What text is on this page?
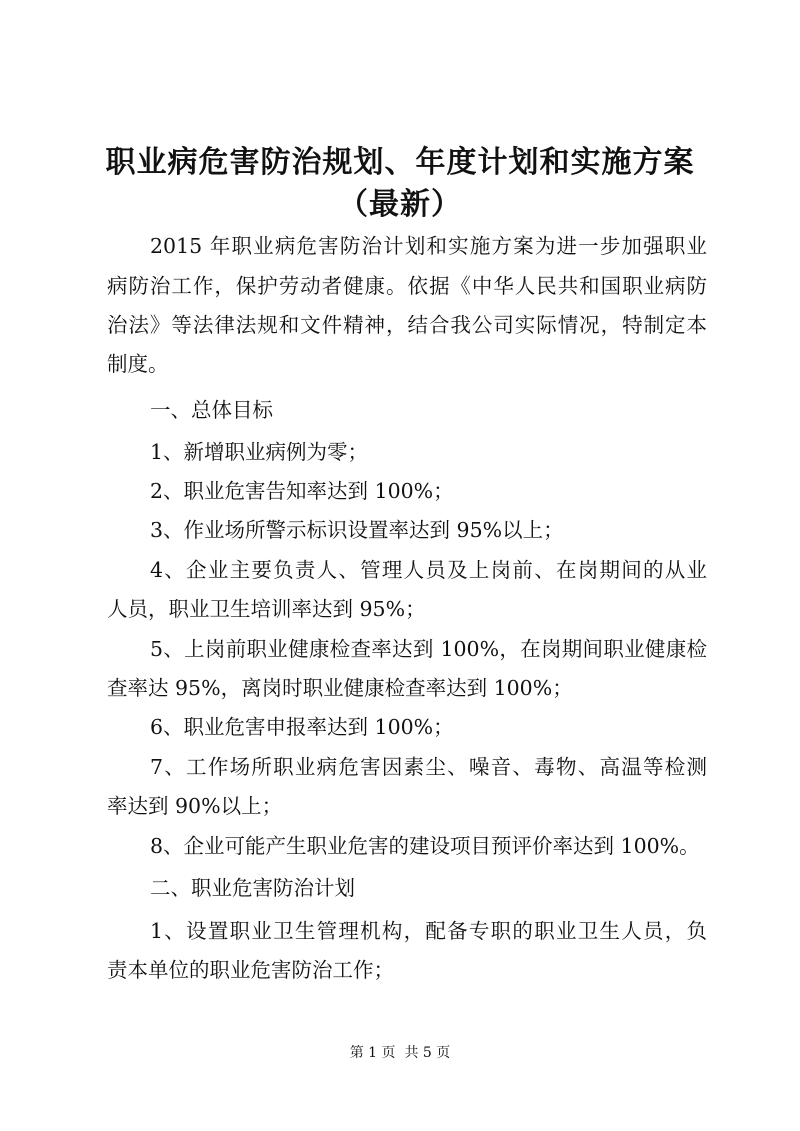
职业病危害防治规划、年度计划和实施方案
（最新）
2015 年职业病危害防治计划和实施方案为进一步加强职业
病防治工作，保护劳动者健康。依据《中华人民共和国职业病防
治法》等法律法规和文件精神，结合我公司实际情况，特制定本
制度。
一、总体目标
1、新增职业病例为零；
2、职业危害告知率达到 100%；
3、作业场所警示标识设置率达到 95%以上；
4、企业主要负责人、管理人员及上岗前、在岗期间的从业
人员，职业卫生培训率达到 95%；
5、上岗前职业健康检查率达到 100%，在岗期间职业健康检
查率达 95%，离岗时职业健康检查率达到 100%；
6、职业危害申报率达到 100%；
7、工作场所职业病危害因素尘、噪音、毒物、高温等检测
率达到 90%以上；
8、企业可能产生职业危害的建设项目预评价率达到 100%。
二、职业危害防治计划
1、设置职业卫生管理机构，配备专职的职业卫生人员，负
责本单位的职业危害防治工作；
第 1 页  共 5 页
